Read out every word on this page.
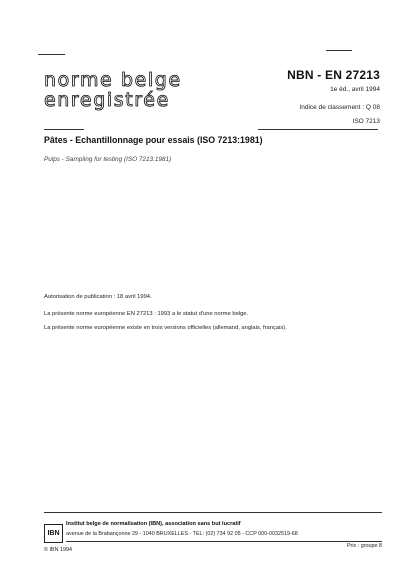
norme belge
enregistrée
NBN - EN 27213
1e éd., avril 1994
Indice de classement : Q 08
ISO 7213
Pâtes - Echantillonnage pour essais (ISO 7213:1981)
Pulps - Sampling for testing (ISO 7213:1981)
Autorisation de publication : 18 avril 1994.
La présente norme européenne EN 27213 : 1993 a le statut d'une norme belge.
La présente norme européenne existe en trois versions officielles (allemand, anglais, français).
IBN
Institut belge de normalisation (IBN), association sans but lucratif
avenue de la Brabançonne 29 - 1040 BRUXELLES - TEL: (02) 734 92 05 - CCP 000-0032519-68
© IBN 1994
Prix : groupe 8
